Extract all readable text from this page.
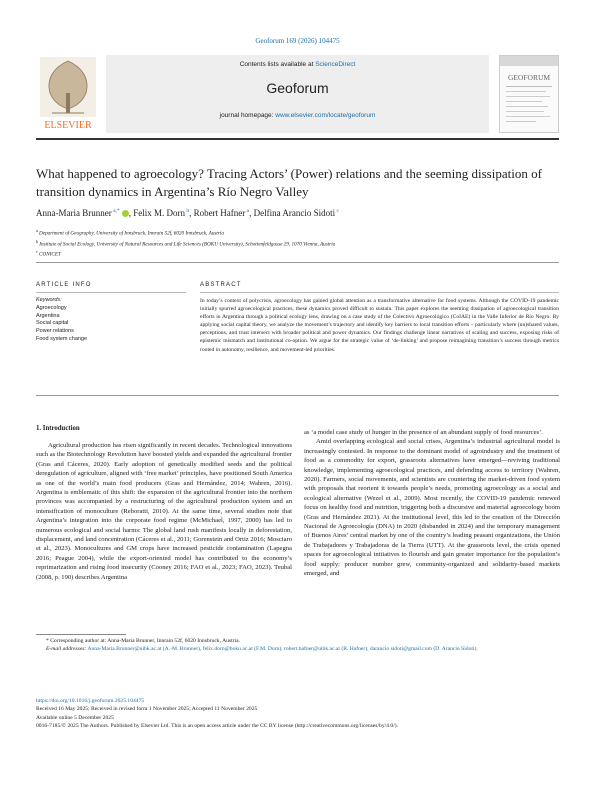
Geoforum 169 (2026) 104475
ELSEVIER
Contents lists available at ScienceDirect
Geoforum
journal homepage: www.elsevier.com/locate/geoforum
GEOFORUM
What happened to agroecology? Tracing Actors’ (Power) relations and the seeming dissipation of transition dynamics in Argentina’s Río Negro Valley
Anna-Maria Brunner $^{a,*}$ , Felix M. Dorn $^b$, Robert Hafner $^a$, Delfina Arancio Sidoti $^c$
$^a$ Department of Geography, University of Innsbruck, Innrain 52f, 6020 Innsbruck, Austria
$^b$ Institute of Social Ecology, University of Natural Resources and Life Sciences (BOKU University), Schottenfeldgasse 29, 1070 Vienna, Austria
$^c$ CONICET
ARTICLE INFO
Keywords:
Agroecology
Argentina
Social capital
Power relations
Food system change
ABSTRACT
In today’s context of polycrisis, agroecology has gained global attention as a transformative alternative for food systems. Although the COVID-19 pandemic initially spurred agroecological practices, these dynamics proved difficult to sustain. This paper explores the seeming dissipation of agroecological transition efforts in Argentina through a political ecology lens, drawing on a case study of the Colectivo Agroecológico (CoIAE) in the Valle Inferior de Río Negro. By applying social capital theory, we analyze the movement’s trajectory and identify key barriers to local transition efforts – particularly where (un)shared values, perceptions, and trust intersect with broader political and power dynamics. Our findings challenge linear narratives of scaling and success, exposing risks of epistemic mismatch and institutional co-option. We argue for the strategic value of ‘de-linking’ and propose reimagining transition’s success through metrics rooted in autonomy, resilience, and movement-led priorities.
1. Introduction

Agricultural production has risen significantly in recent decades. Technological innovations such as the Biotechnology Revolution have boosted yields and expanded the agricultural frontier (Gras and Cáceres, 2020). Early adoption of genetically modified seeds and the political deregulation of agriculture, aligned with ‘free market’ principles, have positioned South America as one of the world’s main food producers (Gras and Hernández, 2014; Wahren, 2016). Argentina is emblematic of this shift: the expansion of the agricultural frontier into the northern provinces was accompanied by a restructuring of the agricultural production system and an intensification of monoculture (Reboratti, 2010). At the same time, several studies note that Argentina’s integration into the corporate food regime (McMichael, 1997, 2000) has led to numerous ecological and social harms: The global land rush manifests locally in deforestation, displacement, and land concentration (Cáceres et al., 2011; Gorenstein and Ortiz 2016; Mosciaro et al., 2023). Monocultures and GM crops have increased pesticide contamination (Lapegna 2016; Peague 2004), while the export-oriented model has contributed to the economy’s reprimarization and rising food insecurity (Cooney 2016; FAO et al., 2023; FAO, 2023). Teubal (2008, p. 190) describes Argentina

as ‘a model case study of hunger in the presence of an abundant supply of food resources’.

Amid overlapping ecological and social crises, Argentina’s industrial agricultural model is increasingly contested. In response to the dominant model of agroindustry and the treatment of food as a commodity for export, grassroots alternatives have emerged—reviving traditional knowledge, implementing agroecological practices, and defending access to territory (Wahren, 2020). Farmers, social movements, and scientists are countering the market-driven food system with proposals that reorient it towards people’s needs, promoting agroecology as a social and ecological alternative (Wezel et al., 2009). Most recently, the COVID-19 pandemic renewed focus on healthy food and nutrition, triggering both a discursive and material agroecology boom (Gras and Hernández 2021). At the institutional level, this led to the creation of the Dirección Nacional de Agroecología (DNA) in 2020 (disbanded in 2024) and the temporary management of Buenos Aires’ central market by one of the country’s leading peasant organizations, the Unión de Trabajadores y Trabajadoras de la Tierra (UTT). At the grassroots level, the crisis opened spaces for agroecological initiatives to flourish and gain greater importance for the population’s food supply: producer number grew, community-organized and solidarity-based markets emerged, and

* Corresponding author at: Anna-Maria Brunner, Innrain 52f, 6020 Innsbruck, Austria.
E-mail addresses: Anna-Maria.Brunner@uibk.ac.at (A.-M. Brunner), felix.dorn@boku.ac.at (F.M. Dorn), robert.hafner@uibk.ac.at (R. Hafner), darancio sidoti@gmail.com (D. Arancio Sidoti).
https://doi.org/10.1016/j.geoforum.2025.104475
Received 16 May 2025; Received in revised form 1 November 2025; Accepted 11 November 2025
Available online 5 December 2025
0016-7185/© 2025 The Authors. Published by Elsevier Ltd. This is an open access article under the CC BY license (http://creativecommons.org/licenses/by/4.0/).
